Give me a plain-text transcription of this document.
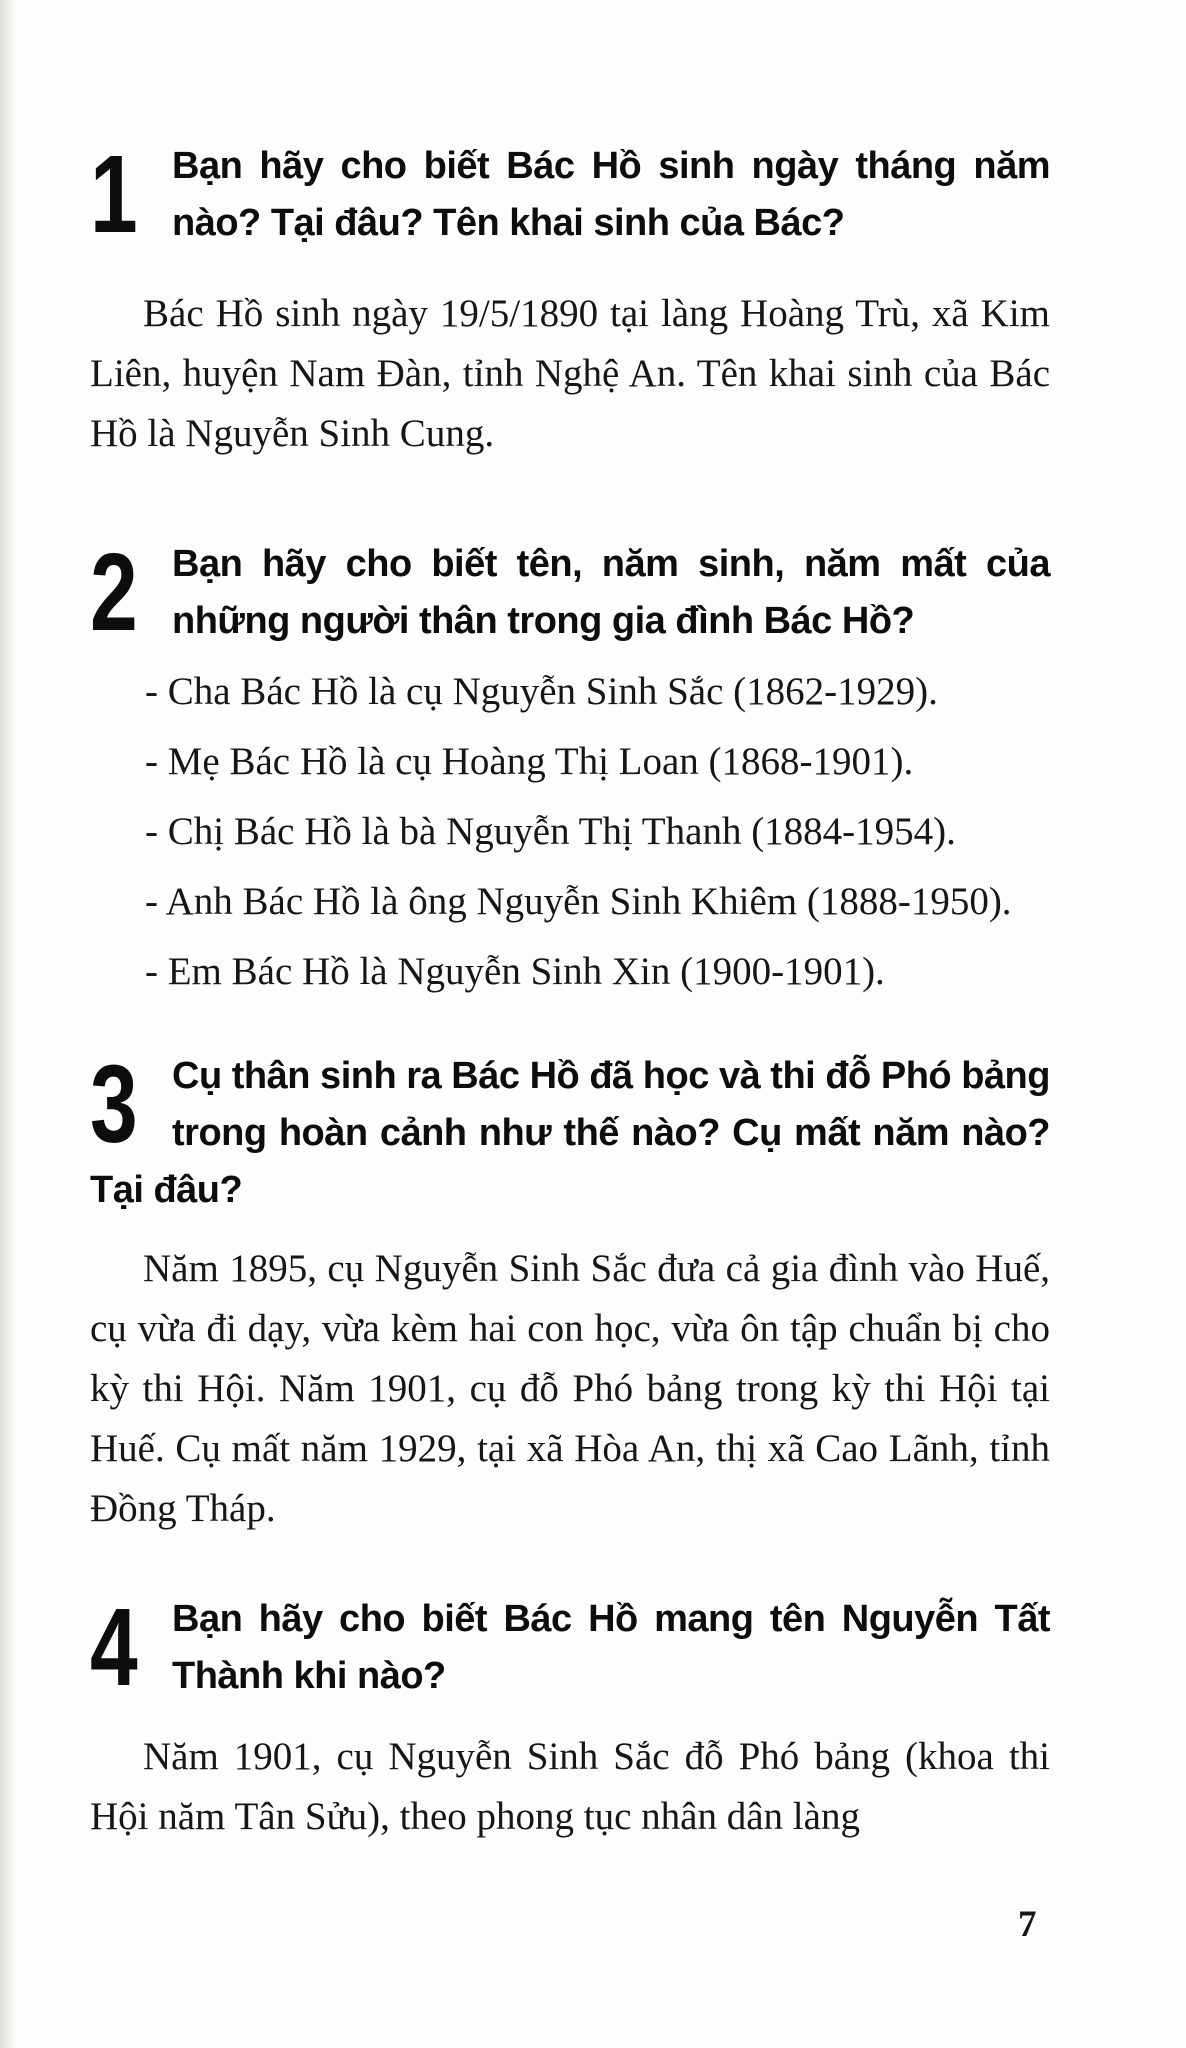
1 Bạn hãy cho biết Bác Hồ sinh ngày tháng năm nào? Tại đâu? Tên khai sinh của Bác?

Bác Hồ sinh ngày 19/5/1890 tại làng Hoàng Trù, xã Kim Liên, huyện Nam Đàn, tỉnh Nghệ An. Tên khai sinh của Bác Hồ là Nguyễn Sinh Cung.

2 Bạn hãy cho biết tên, năm sinh, năm mất của những người thân trong gia đình Bác Hồ?

- Cha Bác Hồ là cụ Nguyễn Sinh Sắc (1862-1929).

- Mẹ Bác Hồ là cụ Hoàng Thị Loan (1868-1901).

- Chị Bác Hồ là bà Nguyễn Thị Thanh (1884-1954).

- Anh Bác Hồ là ông Nguyễn Sinh Khiêm (1888-1950).

- Em Bác Hồ là Nguyễn Sinh Xin (1900-1901).

3 Cụ thân sinh ra Bác Hồ đã học và thi đỗ Phó bảng trong hoàn cảnh như thế nào? Cụ mất năm nào? Tại đâu?

Năm 1895, cụ Nguyễn Sinh Sắc đưa cả gia đình vào Huế, cụ vừa đi dạy, vừa kèm hai con học, vừa ôn tập chuẩn bị cho kỳ thi Hội. Năm 1901, cụ đỗ Phó bảng trong kỳ thi Hội tại Huế. Cụ mất năm 1929, tại xã Hòa An, thị xã Cao Lãnh, tỉnh Đồng Tháp.

4 Bạn hãy cho biết Bác Hồ mang tên Nguyễn Tất Thành khi nào?

Năm 1901, cụ Nguyễn Sinh Sắc đỗ Phó bảng (khoa thi Hội năm Tân Sửu), theo phong tục nhân dân làng

7
